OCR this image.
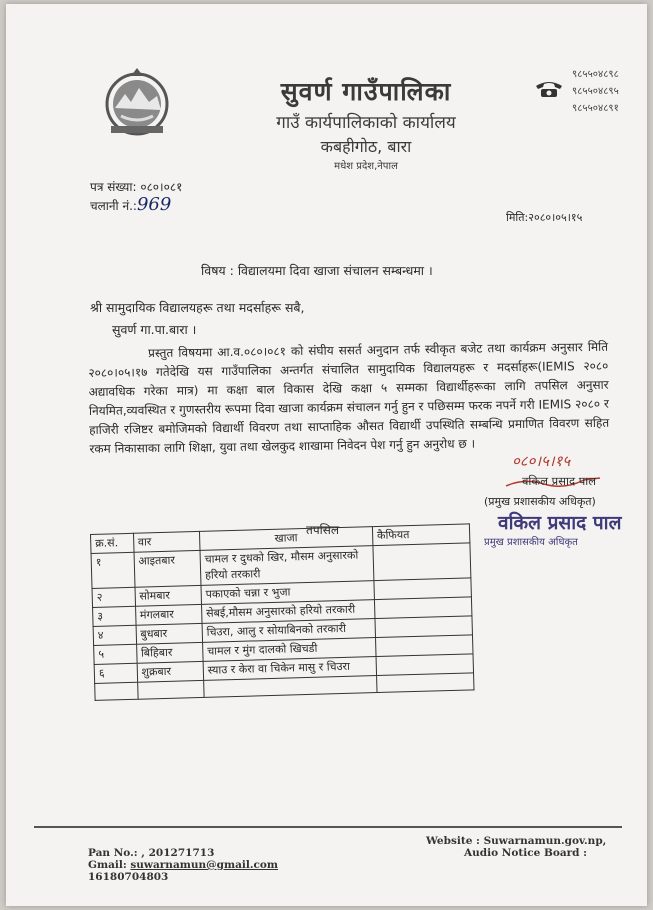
सुवर्ण गाउँपालिका
गाउँ कार्यपालिकाको कार्यालय
कबहीगोठ, बारा
मधेश प्रदेश,नेपाल
९८५५०४८९८
९८५५०४८९५
९८५५०४८९१
पत्र संख्या: ०८०।०८१
चलानी नं.:969
मिति:२०८०।०५।१५
विषय : विद्यालयमा दिवा खाजा संचालन सम्बन्धमा ।
श्री सामुदायिक विद्यालयहरू तथा मदर्साहरू सबै,
सुवर्ण गा.पा.बारा ।
प्रस्तुत विषयमा आ.व.०८०।०८१ को संघीय ससर्त अनुदान तर्फ स्वीकृत बजेट तथा कार्यक्रम अनुसार मिति २०८०।०५।१७ गतेदेखि यस गाउँपालिका अन्तर्गत संचालित सामुदायिक विद्यालयहरू र मदर्साहरू(IEMIS २०८० अद्यावधिक गरेका मात्र) मा कक्षा बाल विकास देखि कक्षा ५ सम्मका विद्यार्थीहरूका लागि तपसिल अनुसार नियमित,व्यवस्थित र गुणस्तरीय रूपमा दिवा खाजा कार्यक्रम संचालन गर्नु हुन र पछिसम्म फरक नपर्ने गरी IEMIS २०८० र हाजिरी रजिष्टर बमोजिमको विद्यार्थी विवरण तथा साप्ताहिक औसत विद्यार्थी उपस्थिति सम्बन्धि प्रमाणित विवरण सहित रकम निकासाका लागि शिक्षा, युवा तथा खेलकुद शाखामा निवेदन पेश गर्नु हुन अनुरोध छ ।
०८०।५।१५
वकिल प्रसाद पाल
(प्रमुख प्रशासकीय अधिकृत)
वकिल प्रसाद पाल
प्रमुख प्रशासकीय अधिकृत
तपसिल
क्र.सं.	वार	खाजा	कैफियत
१	आइतबार	चामल र दुधको खिर, मौसम अनुसारको हरियो तरकारी	
२	सोमबार	पकाएको चन्ना र भुजा	
३	मंगलबार	सेबई,मौसम अनुसारको हरियो तरकारी	
४	बुधबार	चिउरा, आलु र सोयाबिनको तरकारी	
५	बिहिबार	चामल र मुंग दालको खिचडी	
६	शुक्रबार	स्याउ र केरा वा चिकेन मासु र चिउरा	

Pan No.: , 201271713
Gmail: suwarnamun@gmail.com
16180704803
Website : Suwarnamun.gov.np,
Audio Notice Board :
